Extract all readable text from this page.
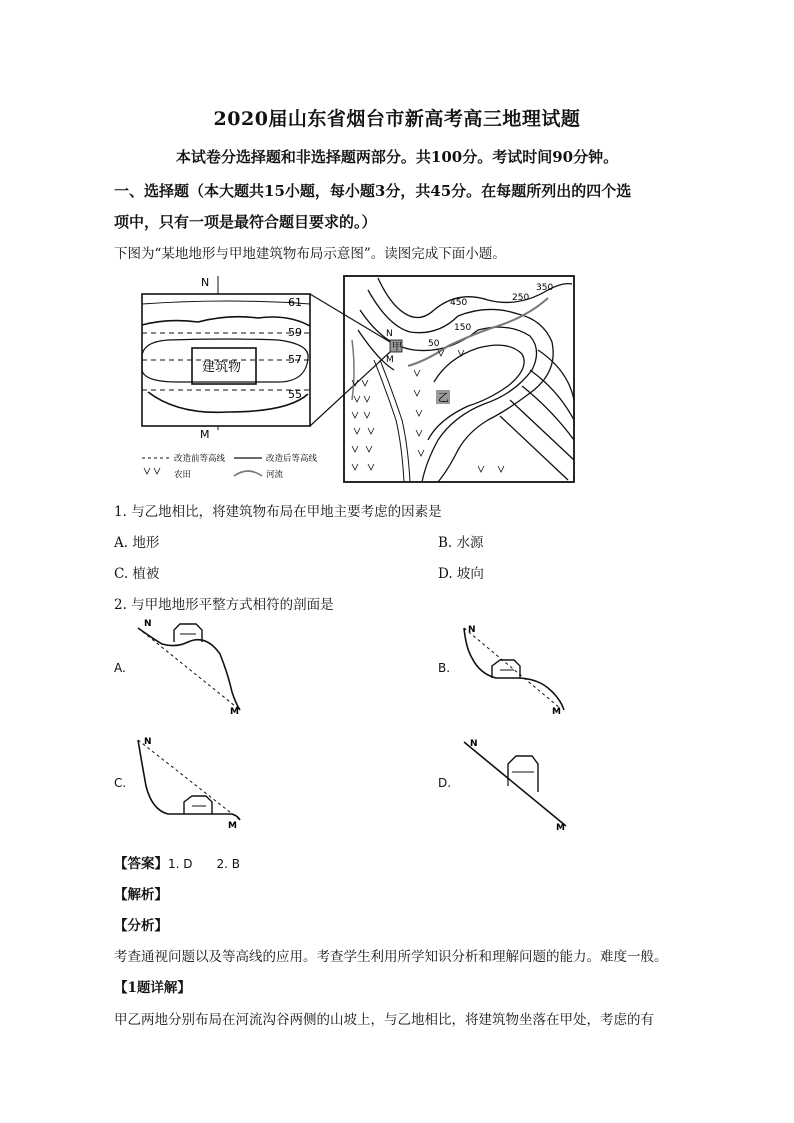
2020届山东省烟台市新高考高三地理试题
本试卷分选择题和非选择题两部分。共100分。考试时间90分钟。
一、选择题（本大题共15小题，每小题3分，共45分。在每题所列出的四个选
项中，只有一项是最符合题目要求的。）
下图为“某地地形与甲地建筑物布局示意图”。读图完成下面小题。
N
M
建筑物
61
59
57
55
N
M
甲
乙
350
250
450
150
50
改造前等高线	改造后等高线
农田	河流
1. 与乙地相比，将建筑物布局在甲地主要考虑的因素是
A. 地形	B. 水源
C. 植被	D. 坡向
2. 与甲地地形平整方式相符的剖面是
A.
N
M
B.
N
M
C.
N
M
D.
N
M
【答案】1. D 2. B
【解析】
【分析】
考查通视问题以及等高线的应用。考查学生利用所学知识分析和理解问题的能力。难度一般。
【1题详解】
甲乙两地分别布局在河流沟谷两侧的山坡上，与乙地相比，将建筑物坐落在甲处，考虑的有
